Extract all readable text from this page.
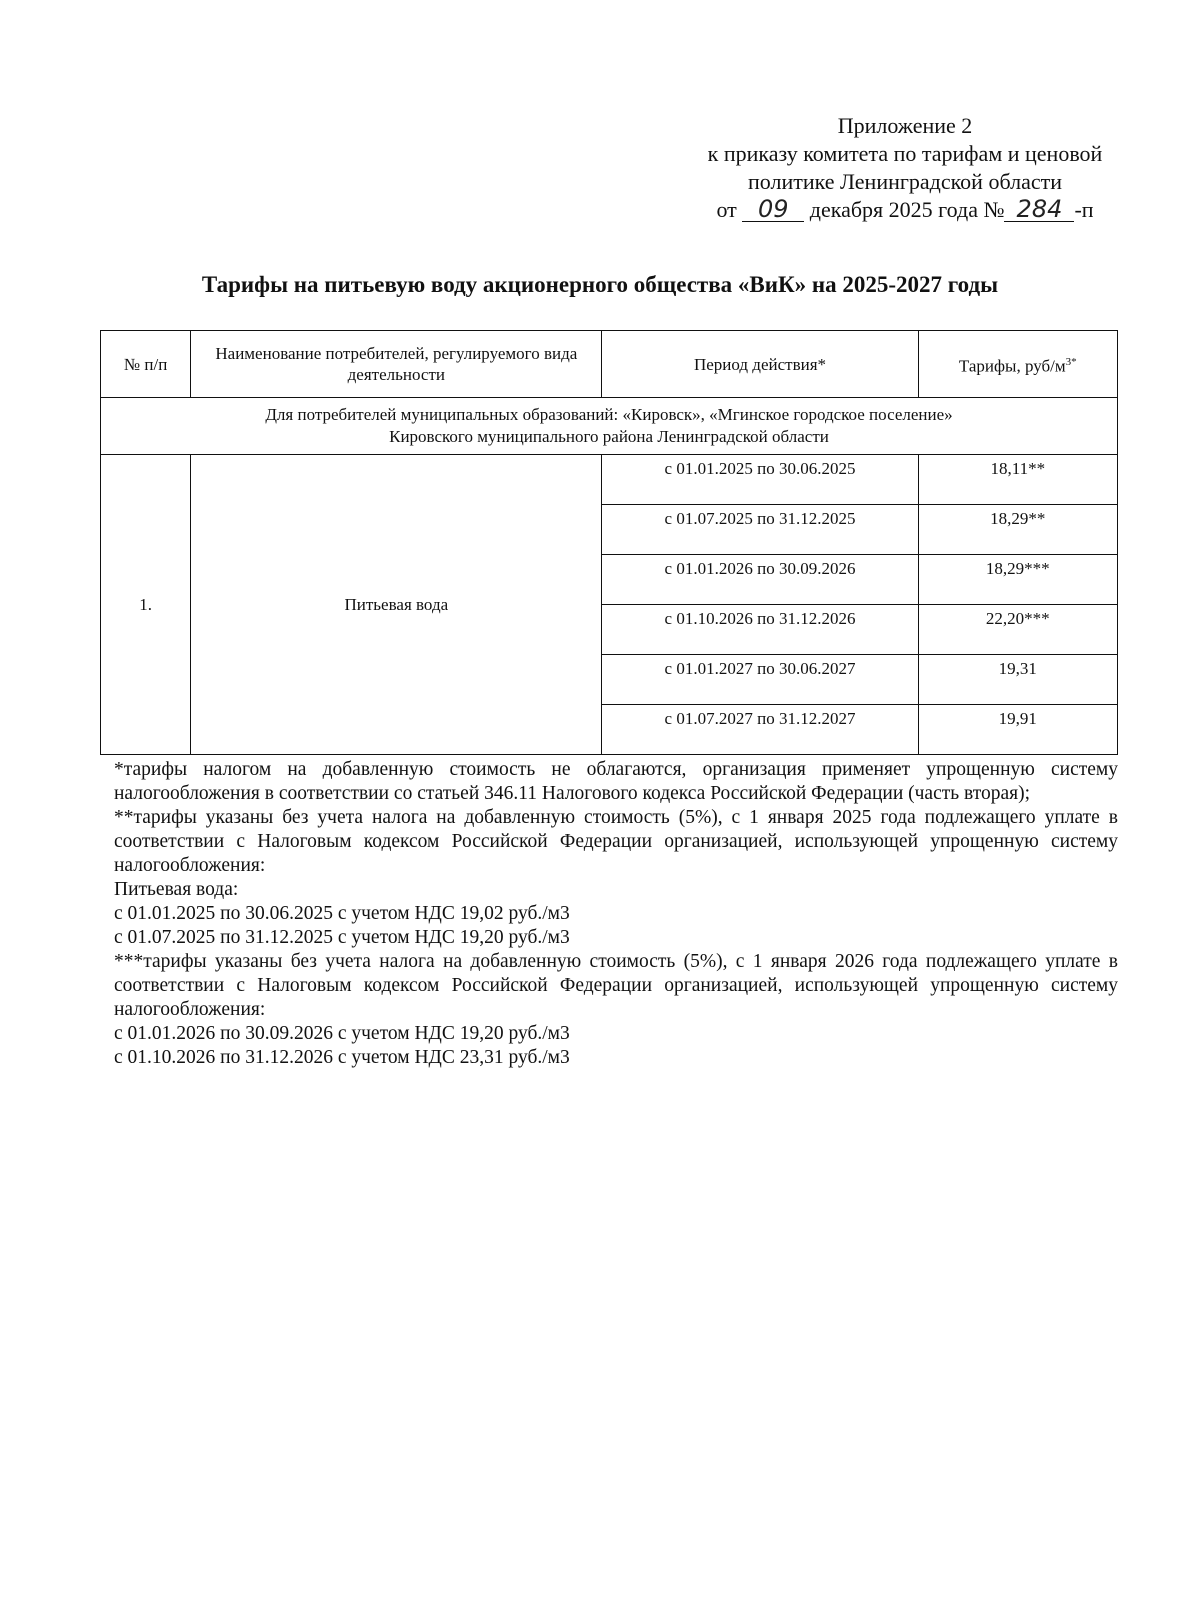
Приложение 2
к приказу комитета по тарифам и ценовой
политике Ленинградской области
от 09 декабря 2025 года № 284 -п
Тарифы на питьевую воду акционерного общества «ВиК» на 2025-2027 годы
№ п/п	Наименование потребителей, регулируемого вида деятельности	Период действия*	Тарифы, руб/$м^{3*}$

Для потребителей муниципальных образований: «Кировск», «Мгинское городское поселение»
Кировского муниципального района Ленинградской области			

1.	Питьевая вода	с 01.01.2025 по 30.06.2025	18,11**
		с 01.07.2025 по 31.12.2025	18,29**
		с 01.01.2026 по 30.09.2026	18,29***
		с 01.10.2026 по 31.12.2026	22,20***
		с 01.01.2027 по 30.06.2027	19,31
		с 01.07.2027 по 31.12.2027	19,91

*тарифы налогом на добавленную стоимость не облагаются, организация применяет упрощенную систему налогообложения в соответствии со статьей 346.11 Налогового кодекса Российской Федерации (часть вторая);

**тарифы указаны без учета налога на добавленную стоимость (5%), с 1 января 2025 года подлежащего уплате в соответствии с Налоговым кодексом Российской Федерации организацией, использующей упрощенную систему налогообложения:

Питьевая вода:

с 01.01.2025 по 30.06.2025 с учетом НДС 19,02 руб./м3

с 01.07.2025 по 31.12.2025 с учетом НДС 19,20 руб./м3

***тарифы указаны без учета налога на добавленную стоимость (5%), с 1 января 2026 года подлежащего уплате в соответствии с Налоговым кодексом Российской Федерации организацией, использующей упрощенную систему налогообложения:

с 01.01.2026 по 30.09.2026 с учетом НДС 19,20 руб./м3

с 01.10.2026 по 31.12.2026 с учетом НДС 23,31 руб./м3
